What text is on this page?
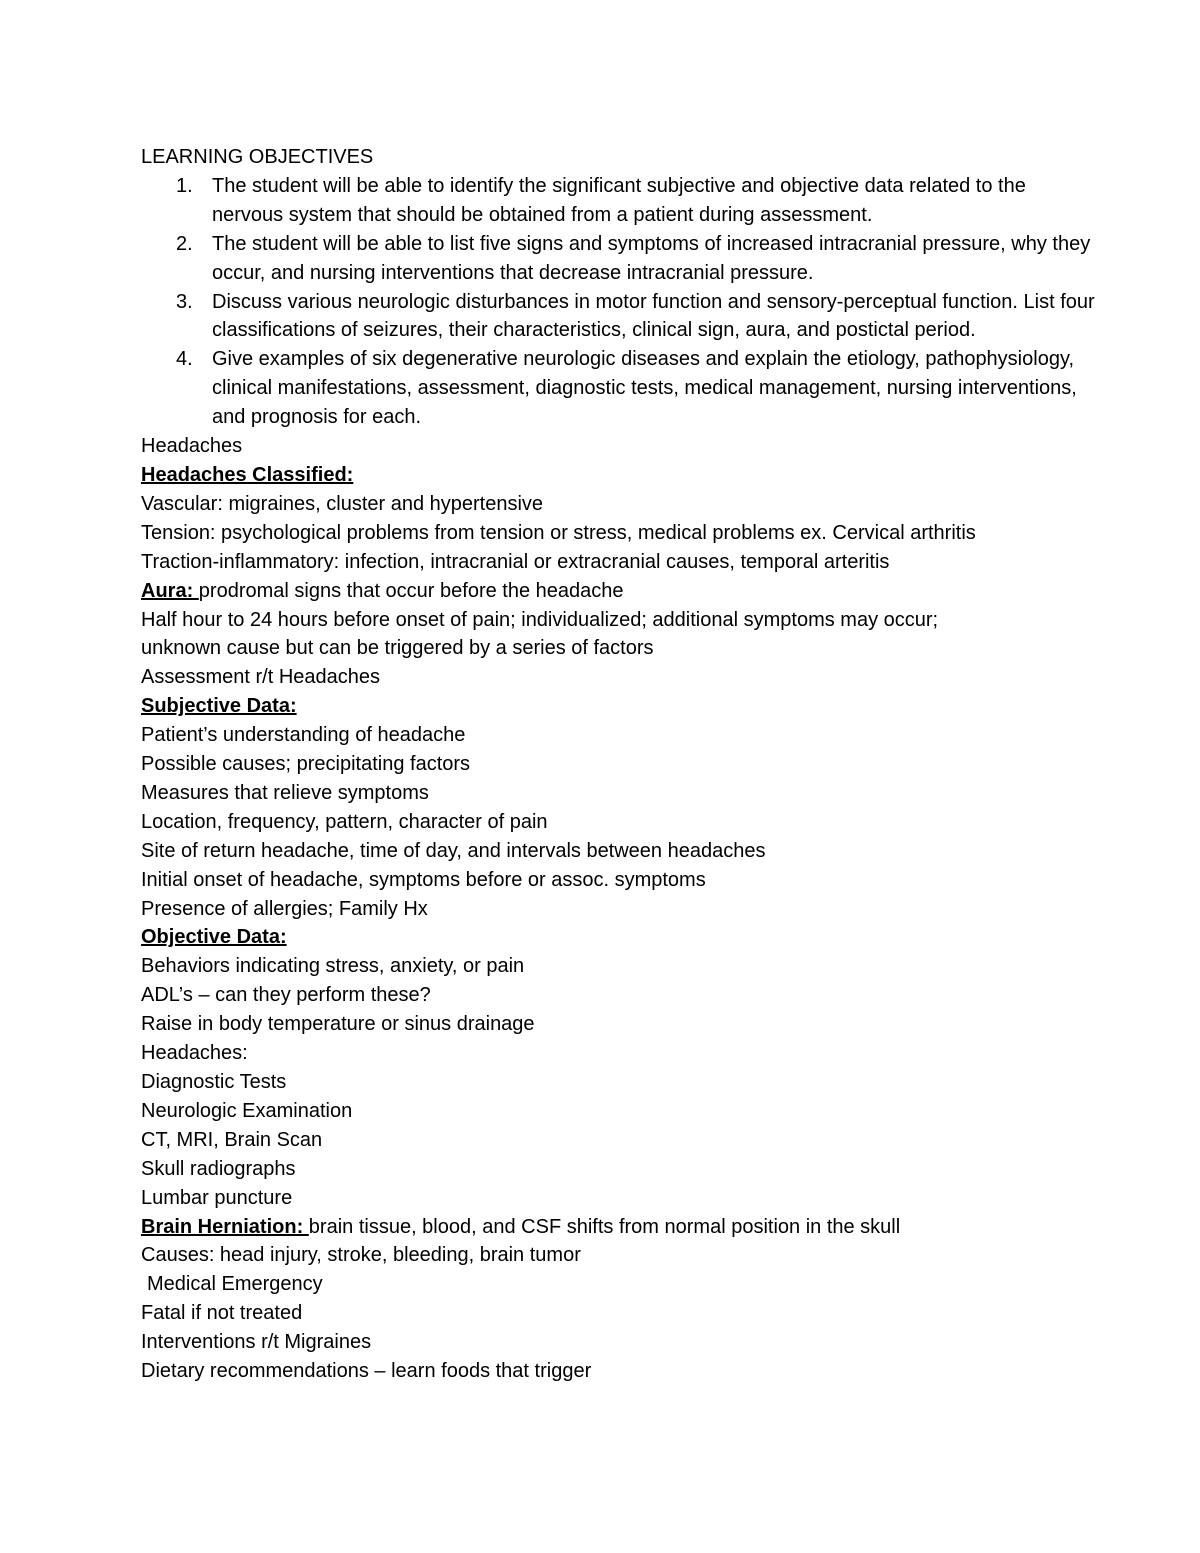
LEARNING OBJECTIVES
1. The student will be able to identify the significant subjective and objective data related to the nervous system that should be obtained from a patient during assessment.
2. The student will be able to list five signs and symptoms of increased intracranial pressure, why they occur, and nursing interventions that decrease intracranial pressure.
3. Discuss various neurologic disturbances in motor function and sensory-perceptual function. List four classifications of seizures, their characteristics, clinical sign, aura, and postictal period.
4. Give examples of six degenerative neurologic diseases and explain the etiology, pathophysiology, clinical manifestations, assessment, diagnostic tests, medical management, nursing interventions, and prognosis for each.
Headaches
Headaches Classified:
Vascular: migraines, cluster and hypertensive
Tension: psychological problems from tension or stress, medical problems ex. Cervical arthritis
Traction-inflammatory: infection, intracranial or extracranial causes, temporal arteritis
Aura: prodromal signs that occur before the headache
Half hour to 24 hours before onset of pain; individualized; additional symptoms may occur;
unknown cause but can be triggered by a series of factors
Assessment r/t Headaches
Subjective Data:
Patient’s understanding of headache
Possible causes; precipitating factors
Measures that relieve symptoms
Location, frequency, pattern, character of pain
Site of return headache, time of day, and intervals between headaches
Initial onset of headache, symptoms before or assoc. symptoms
Presence of allergies; Family Hx
Objective Data:
Behaviors indicating stress, anxiety, or pain
ADL’s – can they perform these?
Raise in body temperature or sinus drainage
Headaches:
Diagnostic Tests
Neurologic Examination
CT, MRI, Brain Scan
Skull radiographs
Lumbar puncture
Brain Herniation: brain tissue, blood, and CSF shifts from normal position in the skull
Causes: head injury, stroke, bleeding, brain tumor
Medical Emergency
Fatal if not treated
Interventions r/t Migraines
Dietary recommendations – learn foods that trigger
